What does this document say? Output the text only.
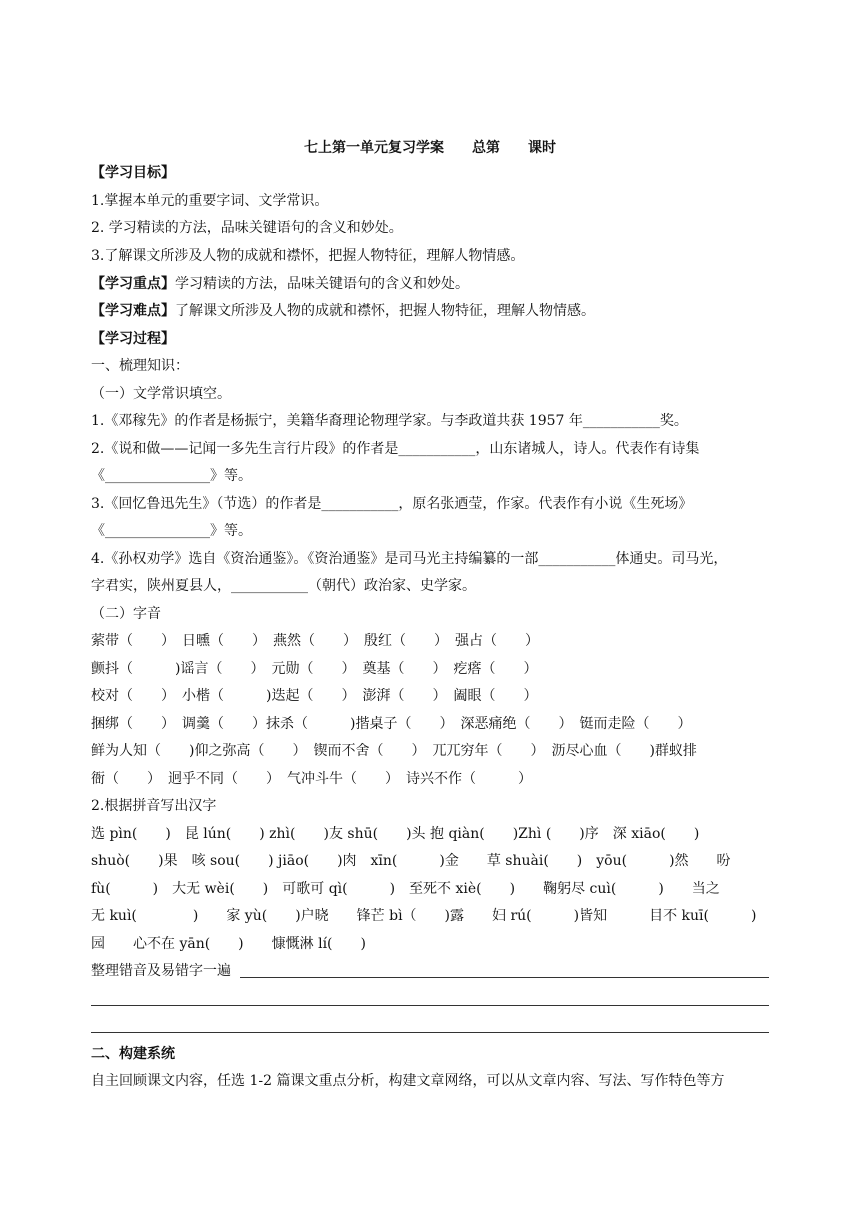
七上第一单元复习学案　　总第　　课时
【学习目标】
1.掌握本单元的重要字词、文学常识。
2. 学习精读的方法，品味关键语句的含义和妙处。
3.了解课文所涉及人物的成就和襟怀，把握人物特征，理解人物情感。
【学习重点】学习精读的方法，品味关键语句的含义和妙处。
【学习难点】了解课文所涉及人物的成就和襟怀，把握人物特征，理解人物情感。
【学习过程】
一、梳理知识：
（一）文学常识填空。
1.《邓稼先》的作者是杨振宁，美籍华裔理论物理学家。与李政道共获 1957 年___________奖。
2.《说和做——记闻一多先生言行片段》的作者是___________，山东诸城人，诗人。代表作有诗集
《_______________》等。
3.《回忆鲁迅先生》（节选）的作者是___________，原名张迺莹，作家。代表作有小说《生死场》
《_______________》等。
4.《孙权劝学》选自《资治通鉴》。《资治通鉴》是司马光主持编纂的一部___________体通史。司马光，
字君实，陕州夏县人，___________（朝代）政治家、史学家。
（二）字音
萦带（　　）　日曛（　　）　燕然（　　）　殷红（　　）　强占（　　）
颤抖（　　　)谣言（　　）　元勋（　　）　奠基（　　）　疙瘩（　　）
校对（　　）　小楷（　　　)迭起（　　）　澎湃（　　）　阖眼（　　）
捆绑（　　）　调羹（　　）抹杀（　　　)揩桌子（　　）　深恶痛绝（　　）　铤而走险（　　）
鲜为人知（　　)仰之弥高（　　）　锲而不舍（　　）　兀兀穷年（　　）　沥尽心血（　　)群蚁排
衙（　　）　迥乎不同（　　）　气冲斗牛（　　）　诗兴不作（　　　）
2.根据拼音写出汉字
选 pìn(　　)　昆 lún(　　) zhì(　　)友 shū(　　)头 抱 qiàn(　　)Zhì (　　)序　深 xiāo(　　)
shuò(　　)果　咳 sou(　　) jiāo(　　)肉　xīn(　　　)金　　草 shuài(　　)　yōu(　　　)然　　吩
fù(　　　)　大无 wèi(　　)　可歌可 qì(　　　)　至死不 xiè(　　)　　鞠躬尽 cuì(　　　)　　当之
无 kuì(　　　　)　　家 yù(　　)户晓　　锋芒 bì（　　)露　　妇 rú(　　　)皆知　　　目不 kuī(　　　)
园　　心不在 yān(　　)　　慷慨淋 lí(　　)
整理错音及易错字一遍
二、构建系统
自主回顾课文内容，任选 1-2 篇课文重点分析，构建文章网络，可以从文章内容、写法、写作特色等方
